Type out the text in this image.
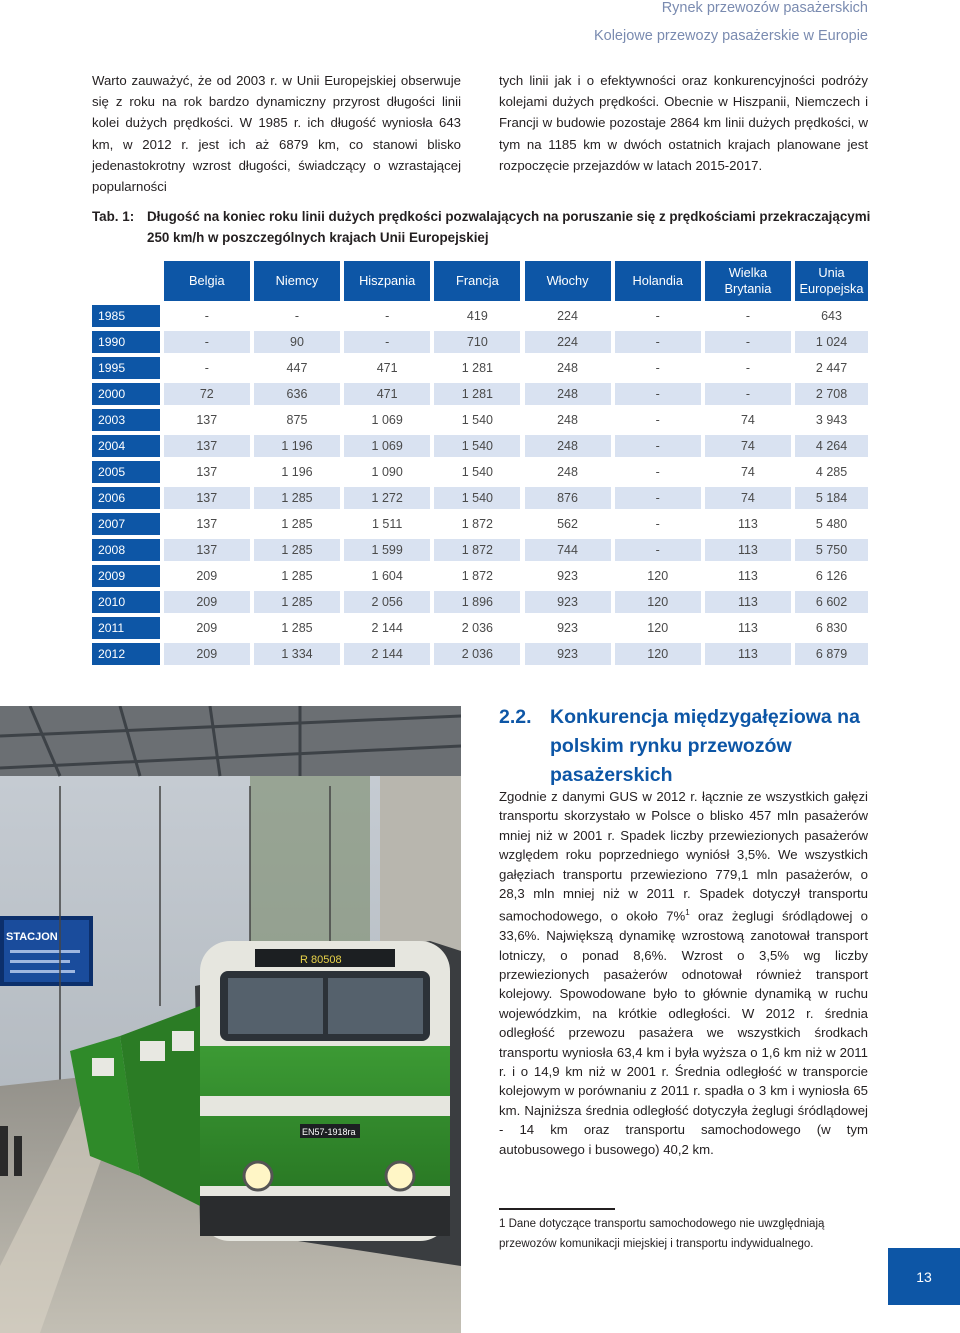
Rynek przewozów pasażerskich
Kolejowe przewozy pasażerskie w Europie

Warto zauważyć, że od 2003 r. w Unii Europejskiej obserwuje się z roku na rok bardzo dynamiczny przyrost długości linii kolei dużych prędkości. W 1985 r. ich długość wyniosła 643 km, w 2012 r. jest ich aż 6879 km, co stanowi blisko jedenastokrotny wzrost długości, świadczący o wzrastającej popularności

tych linii jak i o efektywności oraz konkurencyjności podróży kolejami dużych prędkości. Obecnie w Hiszpanii, Niemczech i Francji w budowie pozostaje 2864 km linii dużych prędkości, w tym na 1185 km w dwóch ostatnich krajach planowane jest rozpoczęcie przejazdów w latach 2015-2017.

Tab. 1: Długość na koniec roku linii dużych prędkości pozwalających na poruszanie się z prędkościami przekraczającymi 250 km/h w poszczególnych krajach Unii Europejskiej
		Belgia		Niemcy		Hiszpania		Francja		Włochy		Holandia		Wielka Brytania		Unia Europejska
1985		-		-		-		419		224		-		-		643
1990		-		90		-		710		224		-		-		1 024
1995		-		447		471		1 281		248		-		-		2 447
2000		72		636		471		1 281		248		-		-		2 708
2003		137		875		1 069		1 540		248		-		74		3 943
2004		137		1 196		1 069		1 540		248		-		74		4 264
2005		137		1 196		1 090		1 540		248		-		74		4 285
2006		137		1 285		1 272		1 540		876		-		74		5 184
2007		137		1 285		1 511		1 872		562		-		113		5 480
2008		137		1 285		1 599		1 872		744		-		113		5 750
2009		209		1 285		1 604		1 872		923		120		113		6 126
2010		209		1 285		2 056		1 896		923		120		113		6 602
2011		209		1 285		2 144		2 036		923		120		113		6 830
2012		209		1 334		2 144		2 036		923		120		113		6 879
STACJON
R 80508
EN57-1918ra
2.2. Konkurencja międzygałęziowa na polskim rynku przewozów pasażerskich
Zgodnie z danymi GUS w 2012 r. łącznie ze wszystkich gałęzi transportu skorzystało w Polsce o blisko 457 mln pasażerów mniej niż w 2001 r. Spadek liczby przewiezionych pasażerów względem roku poprzedniego wyniósł 3,5%. We wszystkich gałęziach transportu przewieziono 779,1 mln pasażerów, o 28,3 mln mniej niż w 2011 r. Spadek dotyczył transportu samochodowego, o około 7%$^1$ oraz żeglugi śródlądowej o 33,6%. Największą dynamikę wzrostową zanotował transport lotniczy, o ponad 8,6%. Wzrost o 3,5% wg liczby przewiezionych pasażerów odnotował również transport kolejowy. Spowodowane było to głównie dynamiką w ruchu wojewódzkim, na krótkie odległości. W 2012 r. średnia odległość przewozu pasażera we wszystkich środkach transportu wyniosła 63,4 km i była wyższa o 1,6 km niż w 2011 r. i o 14,9 km niż w 2001 r. Średnia odległość w transporcie kolejowym w porównaniu z 2011 r. spadła o 3 km i wyniosła 65 km. Najniższa średnia odległość dotyczyła żeglugi śródlądowej - 14 km oraz transportu samochodowego (w tym autobusowego i busowego) 40,2 km.
1 Dane dotyczące transportu samochodowego nie uwzględniają przewozów komunikacji miejskiej i transportu indywidualnego.
13
